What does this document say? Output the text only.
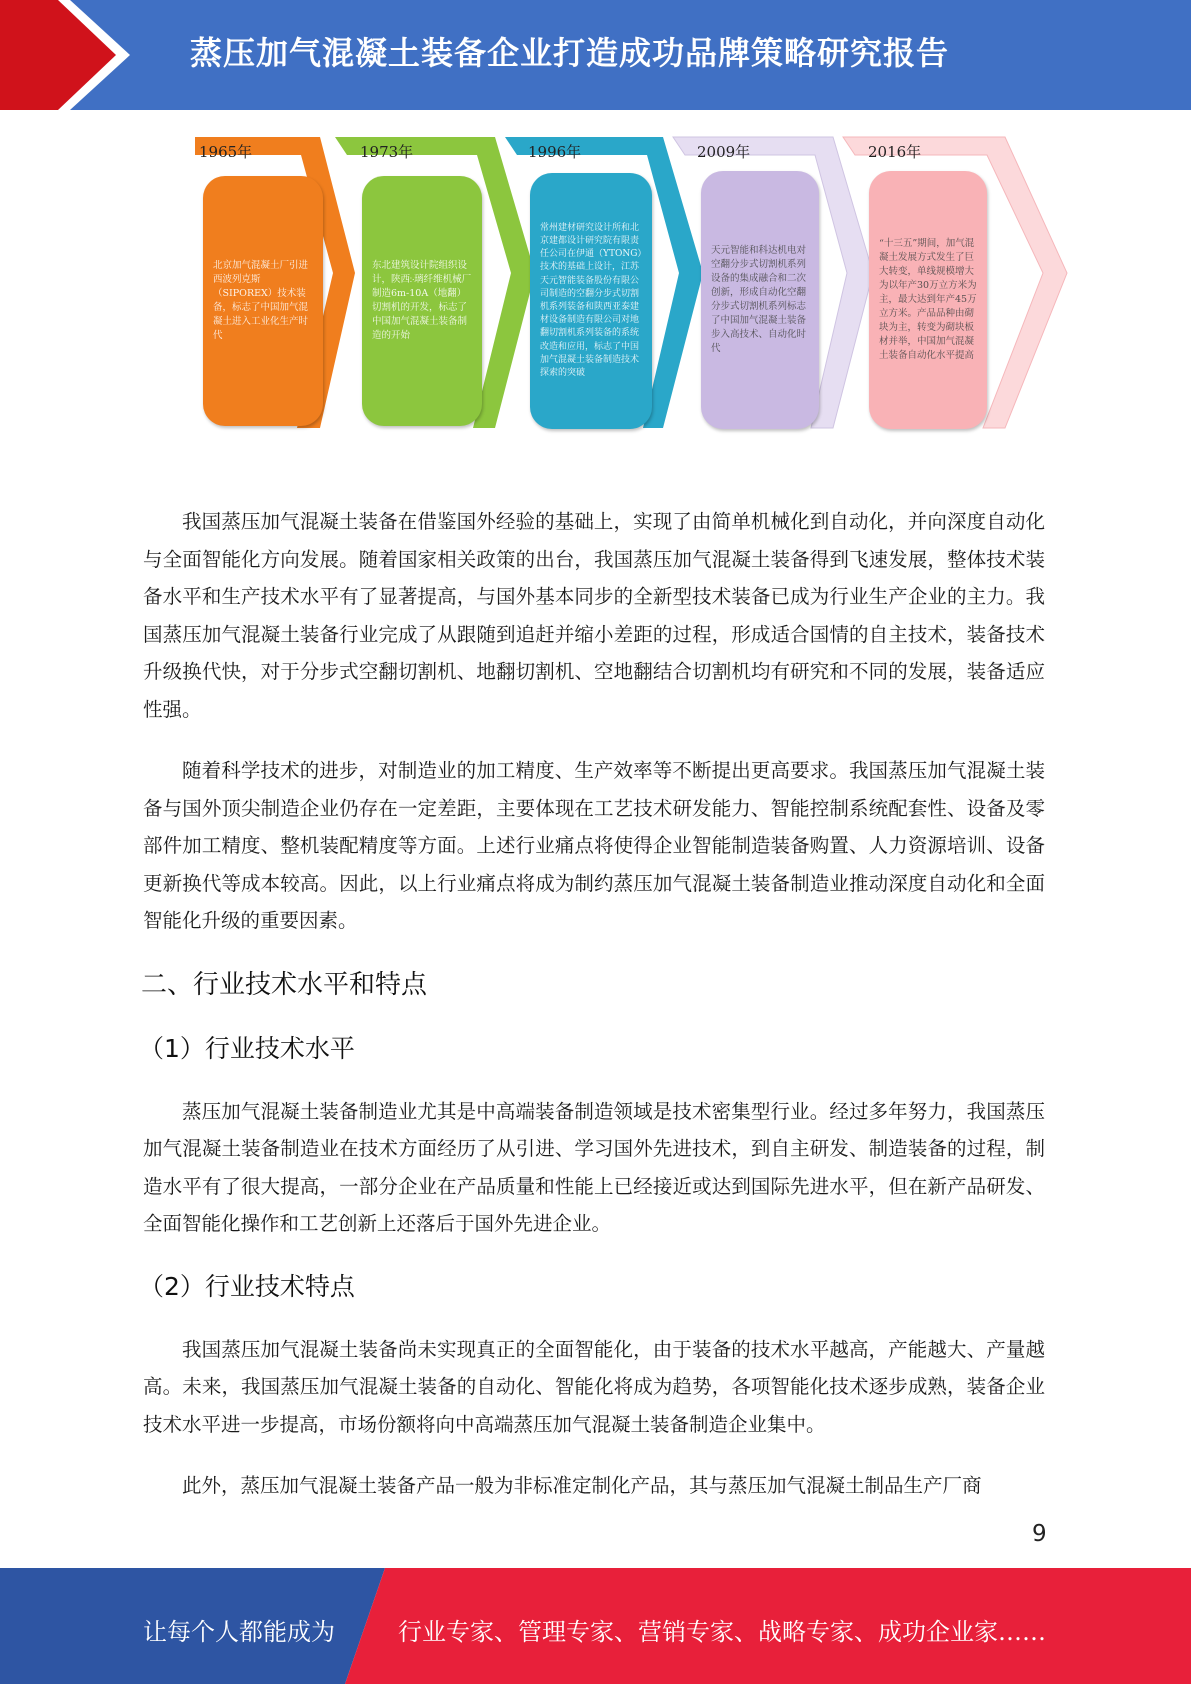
蒸压加气混凝土装备企业打造成功品牌策略研究报告
1965年	1973年	1996年	2009年	2016年
北京加气混凝土厂引进西波列克斯（SIPOREX）技术装备，标志了中国加气混凝土进入工业化生产时代
东北建筑设计院组织设计，陕西჻璃纤维机械厂制造6m-10A（地翻）切割机的开发，标志了中国加气混凝土装备制造的开始
常州建材研究设计所和北京建都设计研究院有限责任公司在伊通（YTONG）技术的基础上设计，江苏天元智能装备股份有限公司制造的空翻分步式切割机系列装备和陕西亚泰建材设备制造有限公司对地翻切割机系列装备的系统改造和应用，标志了中国加气混凝土装备制造技术探索的突破
天元智能和科达机电对空翻分步式切割机系列设备的集成融合和二次创新，形成自动化空翻分步式切割机系列标志了中国加气混凝土装备步入高技术、自动化时代
“十三五”期间，加气混凝土发展方式发生了巨大转变，单线规模增大为以年产30万立方米为主，最大达到年产45万立方米。产品品种由砌块为主，转变为砌块板材并举，中国加气混凝土装备自动化水平提高

我国蒸压加气混凝土装备在借鉴国外经验的基础上，实现了由简单机械化到自动化，并向深度自动化与全面智能化方向发展。随着国家相关政策的出台，我国蒸压加气混凝土装备得到飞速发展，整体技术装备水平和生产技术水平有了显著提高，与国外基本同步的全新型技术装备已成为行业生产企业的主力。我国蒸压加气混凝土装备行业完成了从跟随到追赶并缩小差距的过程，形成适合国情的自主技术，装备技术升级换代快，对于分步式空翻切割机、地翻切割机、空地翻结合切割机均有研究和不同的发展，装备适应性强。

随着科学技术的进步，对制造业的加工精度、生产效率等不断提出更高要求。我国蒸压加气混凝土装备与国外顶尖制造企业仍存在一定差距，主要体现在工艺技术研发能力、智能控制系统配套性、设备及零部件加工精度、整机装配精度等方面。上述行业痛点将使得企业智能制造装备购置、人力资源培训、设备更新换代等成本较高。因此，以上行业痛点将成为制约蒸压加气混凝土装备制造业推动深度自动化和全面智能化升级的重要因素。

二、行业技术水平和特点
（1）行业技术水平

蒸压加气混凝土装备制造业尤其是中高端装备制造领域是技术密集型行业。经过多年努力，我国蒸压加气混凝土装备制造业在技术方面经历了从引进、学习国外先进技术，到自主研发、制造装备的过程，制造水平有了很大提高，一部分企业在产品质量和性能上已经接近或达到国际先进水平，但在新产品研发、全面智能化操作和工艺创新上还落后于国外先进企业。

（2）行业技术特点

我国蒸压加气混凝土装备尚未实现真正的全面智能化，由于装备的技术水平越高，产能越大、产量越高。未来，我国蒸压加气混凝土装备的自动化、智能化将成为趋势，各项智能化技术逐步成熟，装备企业技术水平进一步提高，市场份额将向中高端蒸压加气混凝土装备制造企业集中。

此外，蒸压加气混凝土装备产品一般为非标准定制化产品，其与蒸压加气混凝土制品生产厂商

9
让每个人都能成为	行业专家、管理专家、营销专家、战略专家、成功企业家……
